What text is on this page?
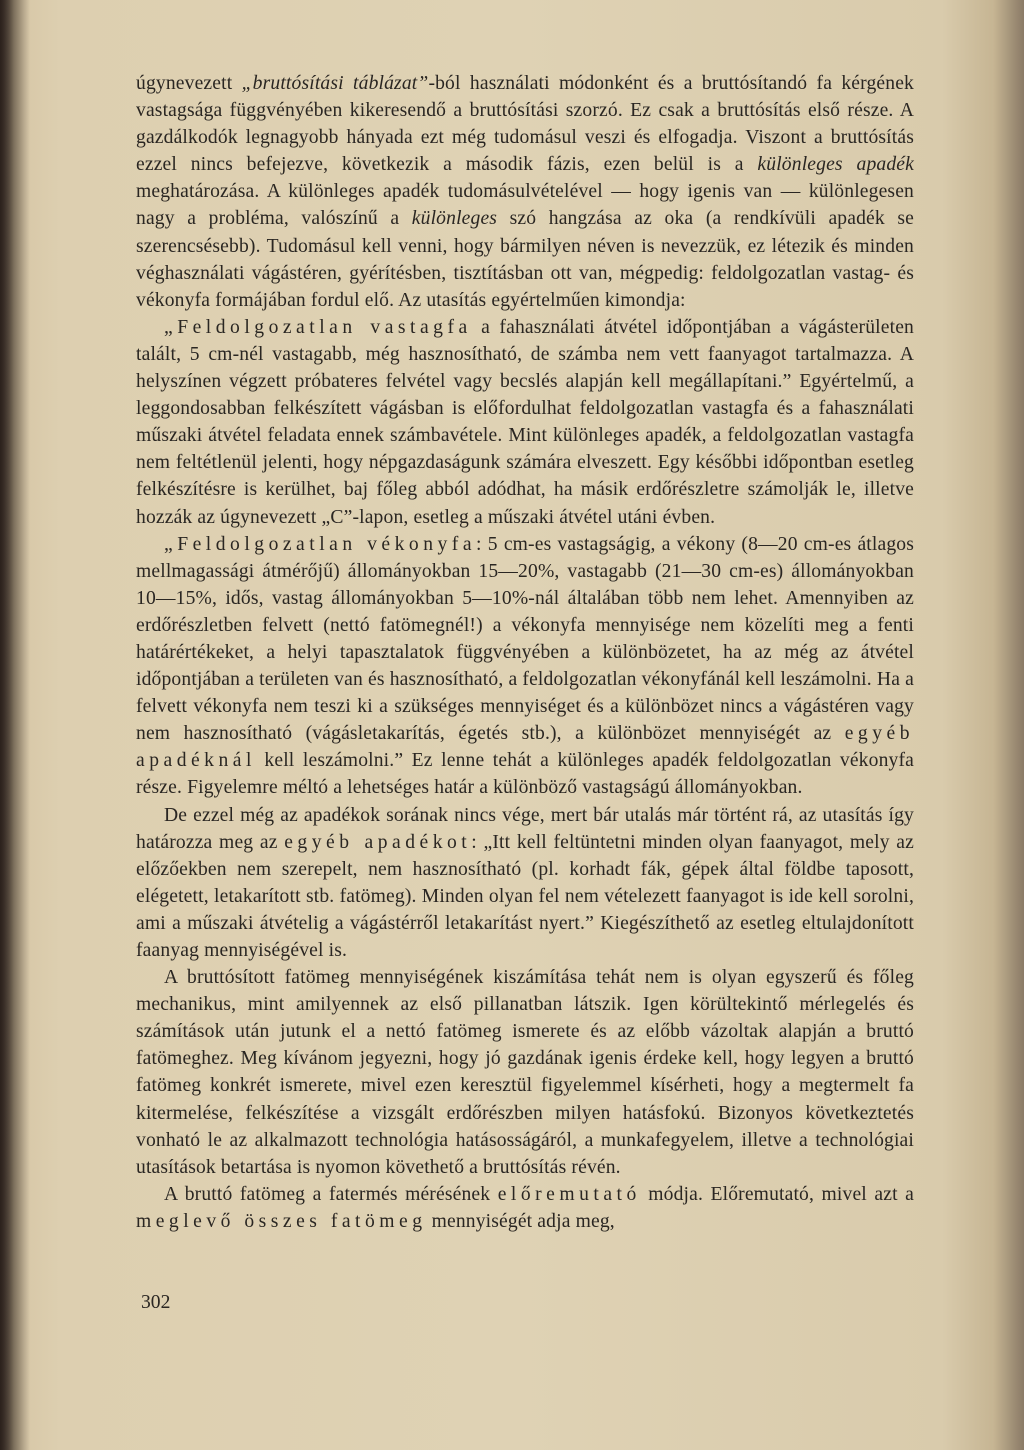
úgynevezett „bruttósítási táblázat”-ból használati módonként és a bruttósítandó fa kérgének vastagsága függvényében kikeresendő a bruttósítási szorzó. Ez csak a bruttósítás első része. A gazdálkodók legnagyobb hányada ezt még tudomásul veszi és elfogadja. Viszont a bruttósítás ezzel nincs befejezve, következik a második fázis, ezen belül is a különleges apadék meghatározása. A különleges apadék tudomásulvételével — hogy igenis van — különlegesen nagy a probléma, valószínű a különleges szó hangzása az oka (a rendkívüli apadék se szerencsésebb). Tudomásul kell venni, hogy bármilyen néven is nevezzük, ez létezik és minden véghasználati vágástéren, gyérítésben, tisztításban ott van, mégpedig: feldolgozatlan vastag- és vékonyfa formájában fordul elő. Az utasítás egyértelműen kimondja:

„Feldolgozatlan vastagfa a fahasználati átvétel időpontjában a vágásterületen talált, 5 cm-nél vastagabb, még hasznosítható, de számba nem vett faanyagot tartalmazza. A helyszínen végzett próbateres felvétel vagy becslés alapján kell megállapítani.” Egyértelmű, a leggondosabban felkészített vágásban is előfordulhat feldolgozatlan vastagfa és a fahasználati műszaki átvétel feladata ennek számbavétele. Mint különleges apadék, a feldolgozatlan vastagfa nem feltétlenül jelenti, hogy népgazdaságunk számára elveszett. Egy későbbi időpontban esetleg felkészítésre is kerülhet, baj főleg abból adódhat, ha másik erdőrészletre számolják le, illetve hozzák az úgynevezett „C”-lapon, esetleg a műszaki átvétel utáni évben.

„Feldolgozatlan vékonyfa: 5 cm-es vastagságig, a vékony (8—20 cm-es átlagos mellmagassági átmérőjű) állományokban 15—20%, vastagabb (21—30 cm-es) állományokban 10—15%, idős, vastag állományokban 5—10%-nál általában több nem lehet. Amennyiben az erdőrészletben felvett (nettó fatömegnél!) a vékonyfa mennyisége nem közelíti meg a fenti határértékeket, a helyi tapasztalatok függvényében a különbözetet, ha az még az átvétel időpontjában a területen van és hasznosítható, a feldolgozatlan vékonyfánál kell leszámolni. Ha a felvett vékonyfa nem teszi ki a szükséges mennyiséget és a különbözet nincs a vágástéren vagy nem hasznosítható (vágásletakarítás, égetés stb.), a különbözet mennyiségét az egyéb apadéknál kell leszámolni.” Ez lenne tehát a különleges apadék feldolgozatlan vékonyfa része. Figyelemre méltó a lehetséges határ a különböző vastagságú állományokban.

De ezzel még az apadékok sorának nincs vége, mert bár utalás már történt rá, az utasítás így határozza meg az egyéb apadékot: „Itt kell feltüntetni minden olyan faanyagot, mely az előzőekben nem szerepelt, nem hasznosítható (pl. korhadt fák, gépek által földbe taposott, elégetett, letakarított stb. fatömeg). Minden olyan fel nem vételezett faanyagot is ide kell sorolni, ami a műszaki átvételig a vágástérről letakarítást nyert.” Kiegészíthető az esetleg eltulajdonított faanyag mennyiségével is.

A bruttósított fatömeg mennyiségének kiszámítása tehát nem is olyan egyszerű és főleg mechanikus, mint amilyennek az első pillanatban látszik. Igen körültekintő mérlegelés és számítások után jutunk el a nettó fatömeg ismerete és az előbb vázoltak alapján a bruttó fatömeghez. Meg kívánom jegyezni, hogy jó gazdának igenis érdeke kell, hogy legyen a bruttó fatömeg konkrét ismerete, mivel ezen keresztül figyelemmel kísérheti, hogy a megtermelt fa kitermelése, felkészítése a vizsgált erdőrészben milyen hatásfokú. Bizonyos következtetés vonható le az alkalmazott technológia hatásosságáról, a munkafegyelem, illetve a technológiai utasítások betartása is nyomon követhető a bruttósítás révén.

A bruttó fatömeg a fatermés mérésének előremutató módja. Előremutató, mivel azt a meglevő összes fatömeg mennyiségét adja meg,

302
